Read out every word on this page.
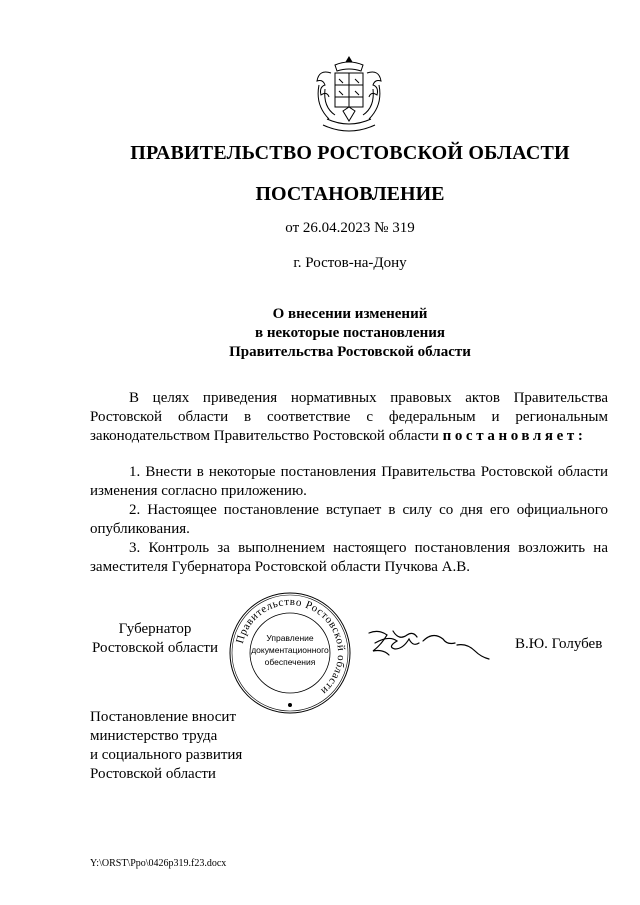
ПРАВИТЕЛЬСТВО РОСТОВСКОЙ ОБЛАСТИ
ПОСТАНОВЛЕНИЕ
от 26.04.2023 № 319
г. Ростов-на-Дону
О внесении изменений
в некоторые постановления
Правительства Ростовской области

В целях приведения нормативных правовых актов Правительства Ростовской области в соответствие с федеральным и региональным законодательством Правительство Ростовской области постановляет:

1. Внести в некоторые постановления Правительства Ростовской области изменения согласно приложению.

2. Настоящее постановление вступает в силу со дня его официального опубликования.

3. Контроль за выполнением настоящего постановления возложить на заместителя Губернатора Ростовской области Пучкова А.В.

Губернатор
Ростовской области
Правительство Ростовской области
Управление
документационного
обеспечения
В.Ю. Голубев
Постановление вносит
министерство труда
и социального развития
Ростовской области
Y:\ORST\Ppo\0426p319.f23.docx
